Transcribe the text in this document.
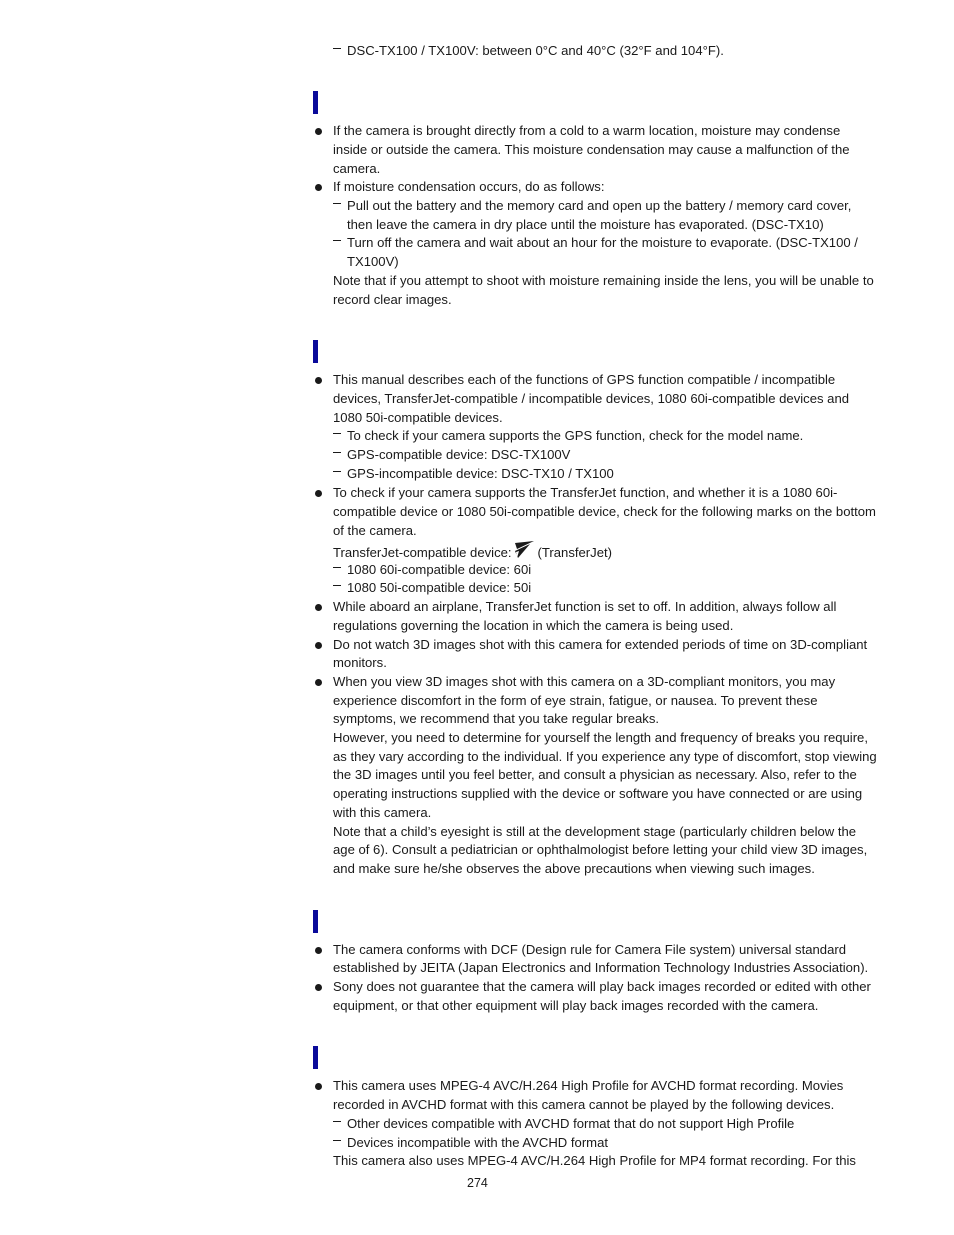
DSC-TX100 / TX100V: between 0°C and 40°C (32°F and 104°F).
If the camera is brought directly from a cold to a warm location, moisture may condense
inside or outside the camera. This moisture condensation may cause a malfunction of the
camera.
If moisture condensation occurs, do as follows:
Pull out the battery and the memory card and open up the battery / memory card cover,
then leave the camera in dry place until the moisture has evaporated. (DSC-TX10)
Turn off the camera and wait about an hour for the moisture to evaporate. (DSC-TX100 /
TX100V)
Note that if you attempt to shoot with moisture remaining inside the lens, you will be unable to
record clear images.
This manual describes each of the functions of GPS function compatible / incompatible
devices, TransferJet-compatible / incompatible devices, 1080 60i-compatible devices and
1080 50i-compatible devices.
To check if your camera supports the GPS function, check for the model name.
GPS-compatible device: DSC-TX100V
GPS-incompatible device: DSC-TX10 / TX100
To check if your camera supports the TransferJet function, and whether it is a 1080 60i-
compatible device or 1080 50i-compatible device, check for the following marks on the bottom
of the camera.
TransferJet-compatible device: (TransferJet)
1080 60i-compatible device: 60i
1080 50i-compatible device: 50i
While aboard an airplane, TransferJet function is set to off. In addition, always follow all
regulations governing the location in which the camera is being used.
Do not watch 3D images shot with this camera for extended periods of time on 3D-compliant
monitors.
When you view 3D images shot with this camera on a 3D-compliant monitors, you may
experience discomfort in the form of eye strain, fatigue, or nausea. To prevent these
symptoms, we recommend that you take regular breaks.
However, you need to determine for yourself the length and frequency of breaks you require,
as they vary according to the individual. If you experience any type of discomfort, stop viewing
the 3D images until you feel better, and consult a physician as necessary. Also, refer to the
operating instructions supplied with the device or software you have connected or are using
with this camera.
Note that a child’s eyesight is still at the development stage (particularly children below the
age of 6). Consult a pediatrician or ophthalmologist before letting your child view 3D images,
and make sure he/she observes the above precautions when viewing such images.
The camera conforms with DCF (Design rule for Camera File system) universal standard
established by JEITA (Japan Electronics and Information Technology Industries Association).
Sony does not guarantee that the camera will play back images recorded or edited with other
equipment, or that other equipment will play back images recorded with the camera.
This camera uses MPEG-4 AVC/H.264 High Profile for AVCHD format recording. Movies
recorded in AVCHD format with this camera cannot be played by the following devices.
Other devices compatible with AVCHD format that do not support High Profile
Devices incompatible with the AVCHD format
This camera also uses MPEG-4 AVC/H.264 High Profile for MP4 format recording. For this
274
